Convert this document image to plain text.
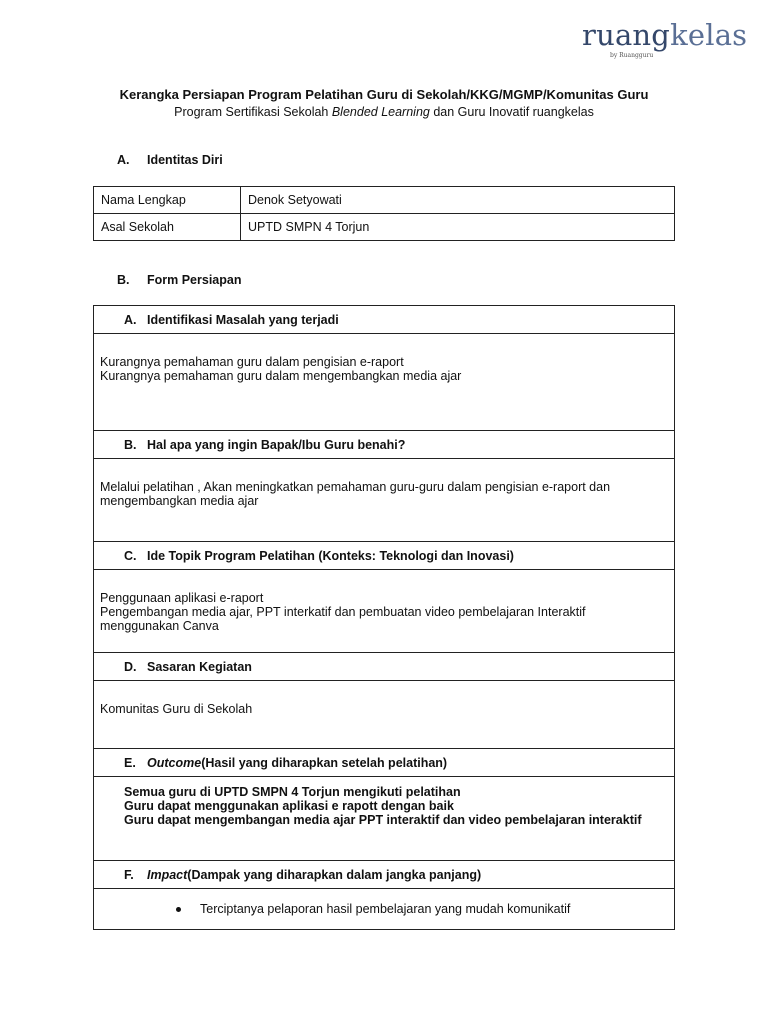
ruangkelas
by Ruangguru
Kerangka Persiapan Program Pelatihan Guru di Sekolah/KKG/MGMP/Komunitas Guru
Program Sertifikasi Sekolah Blended Learning dan Guru Inovatif ruangkelas
A. Identitas Diri
Nama Lengkap	Denok Setyowati
Asal Sekolah	UPTD SMPN 4 Torjun
B. Form Persiapan
A. Identifikasi Masalah yang terjadi
Kurangnya pemahaman guru dalam pengisian e-raport
Kurangnya pemahaman guru dalam mengembangkan media ajar
B. Hal apa yang ingin Bapak/Ibu Guru benahi?
Melalui pelatihan , Akan meningkatkan pemahaman guru-guru dalam pengisian e-raport dan
mengembangkan media ajar
C. Ide Topik Program Pelatihan (Konteks: Teknologi dan Inovasi)
Penggunaan aplikasi e-raport
Pengembangan media ajar, PPT interkatif dan pembuatan video pembelajaran Interaktif
menggunakan Canva
D. Sasaran Kegiatan
Komunitas Guru di Sekolah
E. Outcome (Hasil yang diharapkan setelah pelatihan)
Semua guru di UPTD SMPN 4 Torjun mengikuti pelatihan
Guru dapat menggunakan aplikasi e rapott dengan baik
Guru dapat mengembangan media ajar PPT interaktif dan video pembelajaran interaktif
F.	Impact (Dampak yang diharapkan dalam jangka panjang)
Terciptanya pelaporan hasil pembelajaran yang mudah komunikatif
